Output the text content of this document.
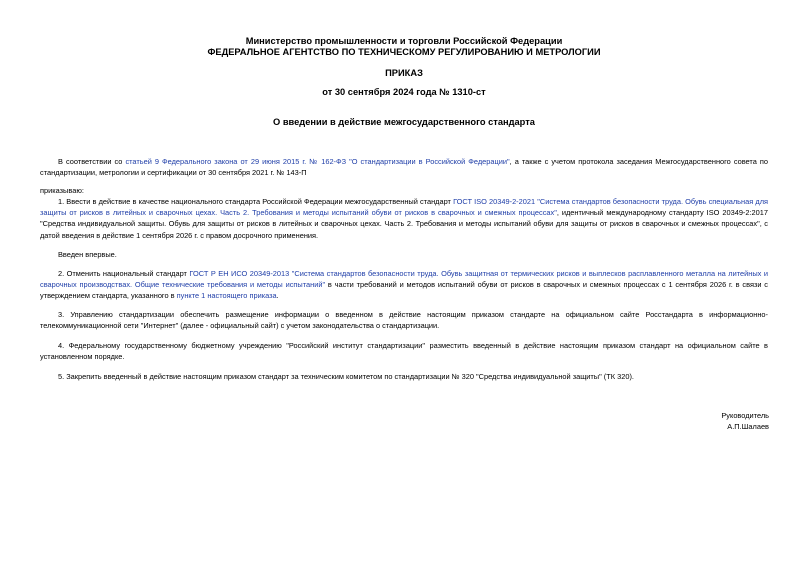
Министерство промышленности и торговли Российской Федерации
ФЕДЕРАЛЬНОЕ АГЕНТСТВО ПО ТЕХНИЧЕСКОМУ РЕГУЛИРОВАНИЮ И МЕТРОЛОГИИ
ПРИКАЗ
от 30 сентября 2024 года № 1310-ст
О введении в действие межгосударственного стандарта
В соответствии со статьей 9 Федерального закона от 29 июня 2015 г. № 162-ФЗ "О стандартизации в Российской Федерации", а также с учетом протокола заседания Межгосударственного совета по стандартизации, метрологии и сертификации от 30 сентября 2021 г. № 143-П
приказываю:
1. Ввести в действие в качестве национального стандарта Российской Федерации межгосударственный стандарт ГОСТ ISO 20349-2-2021 "Система стандартов безопасности труда. Обувь специальная для защиты от рисков в литейных и сварочных цехах. Часть 2. Требования и методы испытаний обуви от рисков в сварочных и смежных процессах", идентичный международному стандарту ISO 20349-2:2017 "Средства индивидуальной защиты. Обувь для защиты от рисков в литейных и сварочных цехах. Часть 2. Требования и методы испытаний обуви для защиты от рисков в сварочных и смежных процессах", с датой введения в действие 1 сентября 2026 г. с правом досрочного применения.
Введен впервые.
2. Отменить национальный стандарт ГОСТ Р ЕН ИСО 20349-2013 "Система стандартов безопасности труда. Обувь защитная от термических рисков и выплесков расплавленного металла на литейных и сварочных производствах. Общие технические требования и методы испытаний" в части требований и методов испытаний обуви от рисков в сварочных и смежных процессах с 1 сентября 2026 г. в связи с утверждением стандарта, указанного в пункте 1 настоящего приказа.
3. Управлению стандартизации обеспечить размещение информации о введенном в действие настоящим приказом стандарте на официальном сайте Росстандарта в информационно-телекоммуникационной сети "Интернет" (далее - официальный сайт) с учетом законодательства о стандартизации.
4. Федеральному государственному бюджетному учреждению "Российский институт стандартизации" разместить введенный в действие настоящим приказом стандарт на официальном сайте в установленном порядке.
5. Закрепить введенный в действие настоящим приказом стандарт за техническим комитетом по стандартизации № 320 "Средства индивидуальной защиты" (ТК 320).
Руководитель
А.П.Шалаев
